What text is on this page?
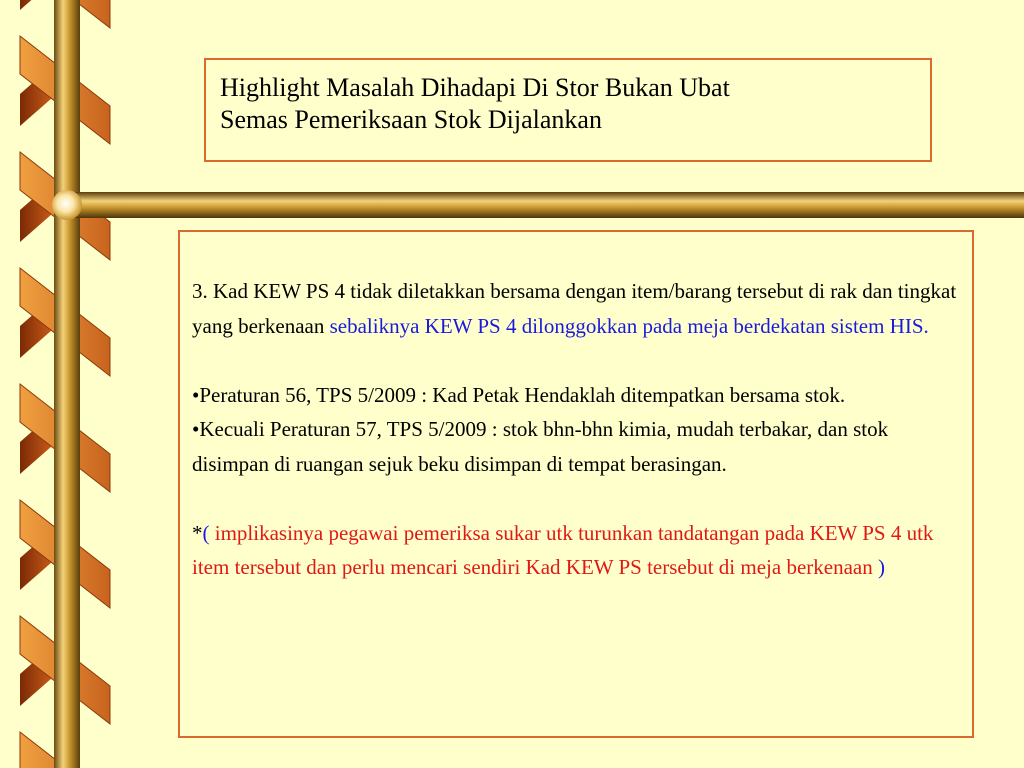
Highlight Masalah Dihadapi Di Stor Bukan Ubat
Semas Pemeriksaan Stok Dijalankan

3. Kad KEW PS 4 tidak diletakkan bersama dengan item/barang tersebut di rak dan tingkat yang berkenaan sebaliknya KEW PS 4 dilonggokkan pada meja berdekatan sistem HIS.

•Peraturan 56, TPS 5/2009 : Kad Petak Hendaklah ditempatkan bersama stok.

•Kecuali Peraturan 57, TPS 5/2009 : stok bhn-bhn kimia, mudah terbakar, dan stok disimpan di ruangan sejuk beku disimpan di tempat berasingan.

*( implikasinya pegawai pemeriksa sukar utk turunkan tandatangan pada KEW PS 4 utk item tersebut dan perlu mencari sendiri Kad KEW PS tersebut di meja berkenaan )
